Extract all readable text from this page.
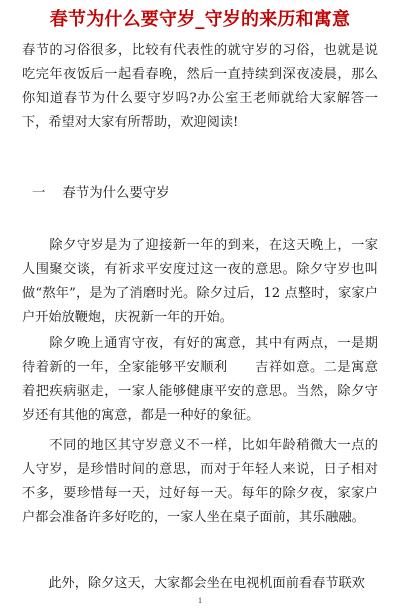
春节为什么要守岁_守岁的来历和寓意

春节的习俗很多，比较有代表性的就守岁的习俗，也就是说吃完年夜饭后一起看春晚，然后一直持续到深夜凌晨，那么你知道春节为什么要守岁吗?办公室王老师就给大家解答一下，希望对大家有所帮助，欢迎阅读!

一    春节为什么要守岁

　　除夕守岁是为了迎接新一年的到来，在这天晚上，一家人围聚交谈，有祈求平安度过这一夜的意思。除夕守岁也叫做“熬年”，是为了消磨时光。除夕过后，12 点整时，家家户户开始放鞭炮，庆祝新一年的开始。

　　除夕晚上通宵守夜，有好的寓意，其中有两点，一是期待着新的一年，全家能够平安顺利　　吉祥如意。二是寓意着把疾病驱走，一家人能够健康平安的意思。当然，除夕守岁还有其他的寓意，都是一种好的象征。

　　不同的地区其守岁意义不一样，比如年龄稍微大一点的人守岁，是珍惜时间的意思，而对于年轻人来说，日子相对不多，要珍惜每一天，过好每一天。每年的除夕夜，家家户户都会准备许多好吃的，一家人坐在桌子面前，其乐融融。

　　此外，除夕这天，大家都会坐在电视机面前看春节联欢

1
